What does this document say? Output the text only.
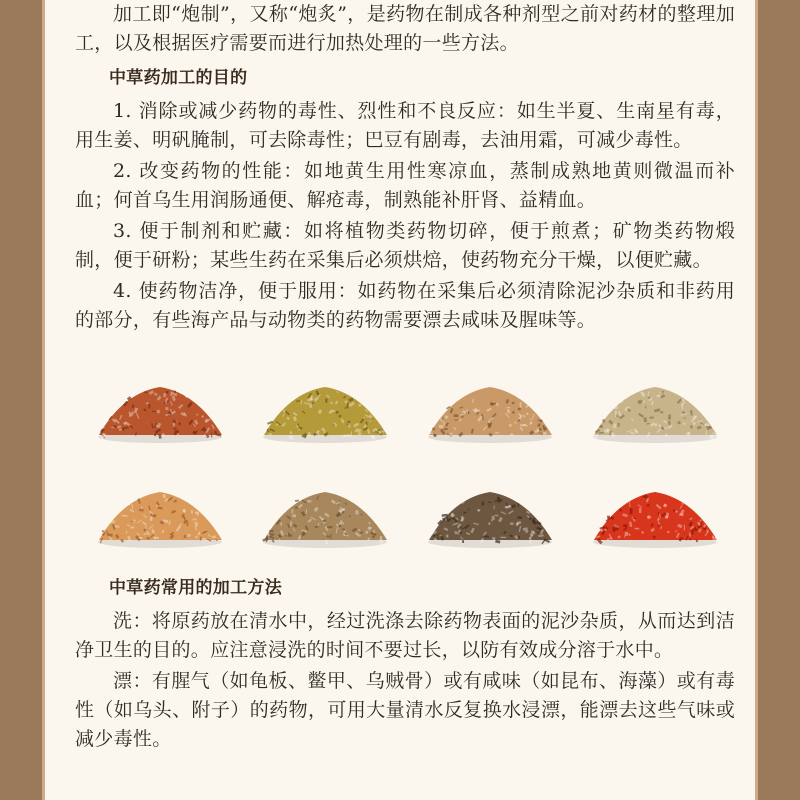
加工即“炮制”，又称“炮炙”，是药物在制成各种剂型之前对药材的整理加工，以及根据医疗需要而进行加热处理的一些方法。

中草药加工的目的

1. 消除或减少药物的毒性、烈性和不良反应：如生半夏、生南星有毒，用生姜、明矾腌制，可去除毒性；巴豆有剧毒，去油用霜，可减少毒性。

2. 改变药物的性能：如地黄生用性寒凉血，蒸制成熟地黄则微温而补血；何首乌生用润肠通便、解疮毒，制熟能补肝肾、益精血。

3. 便于制剂和贮藏：如将植物类药物切碎，便于煎煮；矿物类药物煅制，便于研粉；某些生药在采集后必须烘焙，使药物充分干燥，以便贮藏。

4. 使药物洁净，便于服用：如药物在采集后必须清除泥沙杂质和非药用的部分，有些海产品与动物类的药物需要漂去咸味及腥味等。

中草药常用的加工方法

洗：将原药放在清水中，经过洗涤去除药物表面的泥沙杂质，从而达到洁净卫生的目的。应注意浸洗的时间不要过长，以防有效成分溶于水中。

漂：有腥气（如龟板、鳖甲、乌贼骨）或有咸味（如昆布、海藻）或有毒性（如乌头、附子）的药物，可用大量清水反复换水浸漂，能漂去这些气味或减少毒性。
